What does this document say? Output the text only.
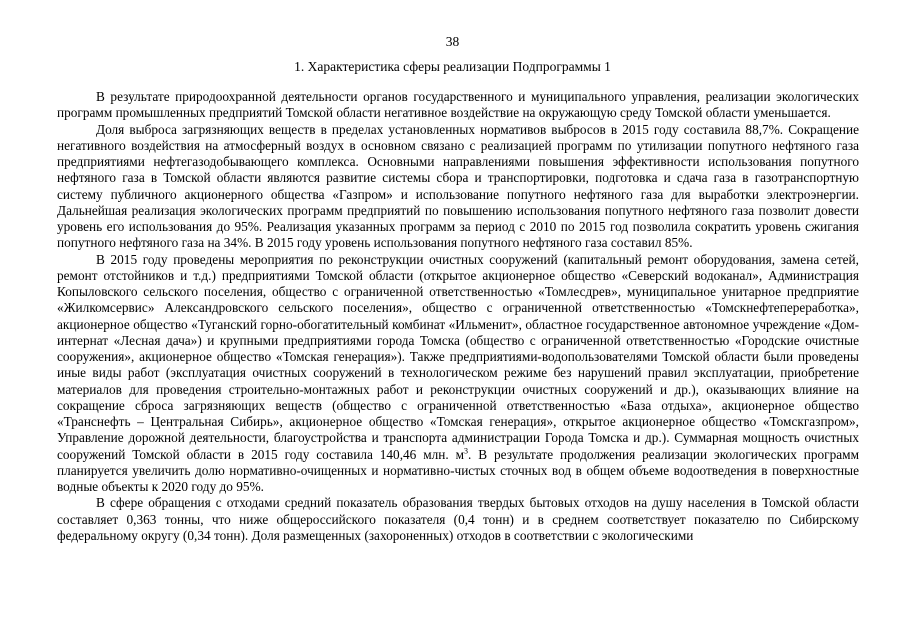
38
1. Характеристика сферы реализации Подпрограммы 1

В результате природоохранной деятельности органов государственного и муниципального управления, реализации экологических программ промышленных предприятий Томской области негативное воздействие на окружающую среду Томской области уменьшается.

Доля выброса загрязняющих веществ в пределах установленных нормативов выбросов в 2015 году составила 88,7%. Сокращение негативного воздействия на атмосферный воздух в основном связано с реализацией программ по утилизации попутного нефтяного газа предприятиями нефтегазодобывающего комплекса. Основными направлениями повышения эффективности использования попутного нефтяного газа в Томской области являются развитие системы сбора и транспортировки, подготовка и сдача газа в газотранспортную систему публичного акционерного общества «Газпром» и использование попутного нефтяного газа для выработки электроэнергии. Дальнейшая реализация экологических программ предприятий по повышению использования попутного нефтяного газа позволит довести уровень его использования до 95%. Реализация указанных программ за период с 2010 по 2015 год позволила сократить уровень сжигания попутного нефтяного газа на 34%. В 2015 году уровень использования попутного нефтяного газа составил 85%.

В 2015 году проведены мероприятия по реконструкции очистных сооружений (капитальный ремонт оборудования, замена сетей, ремонт отстойников и т.д.) предприятиями Томской области (открытое акционерное общество «Северский водоканал», Администрация Копыловского сельского поселения, общество с ограниченной ответственностью «Томлесдрев», муниципальное унитарное предприятие «Жилкомсервис» Александровского сельского поселения», общество с ограниченной ответственностью «Томскнефтепереработка», акционерное общество «Туганский горно-обогатительный комбинат «Ильменит», областное государственное автономное учреждение «Дом-интернат «Лесная дача») и крупными предприятиями города Томска (общество с ограниченной ответственностью «Городские очистные сооружения», акционерное общество «Томская генерация»). Также предприятиями-водопользователями Томской области были проведены иные виды работ (эксплуатация очистных сооружений в технологическом режиме без нарушений правил эксплуатации, приобретение материалов для проведения строительно-монтажных работ и реконструкции очистных сооружений и др.), оказывающих влияние на сокращение сброса загрязняющих веществ (общество с ограниченной ответственностью «База отдыха», акционерное общество «Транснефть – Центральная Сибирь», акционерное общество «Томская генерация», открытое акционерное общество «Томскгазпром», Управление дорожной деятельности, благоустройства и транспорта администрации Города Томска и др.). Суммарная мощность очистных сооружений Томской области в 2015 году составила 140,46 млн. $м^3$. В результате продолжения реализации экологических программ планируется увеличить долю нормативно-очищенных и нормативно-чистых сточных вод в общем объеме водоотведения в поверхностные водные объекты к 2020 году до 95%.

В сфере обращения с отходами средний показатель образования твердых бытовых отходов на душу населения в Томской области составляет 0,363 тонны, что ниже общероссийского показателя (0,4 тонн) и в среднем соответствует показателю по Сибирскому федеральному округу (0,34 тонн). Доля размещенных (захороненных) отходов в соответствии с экологическими
